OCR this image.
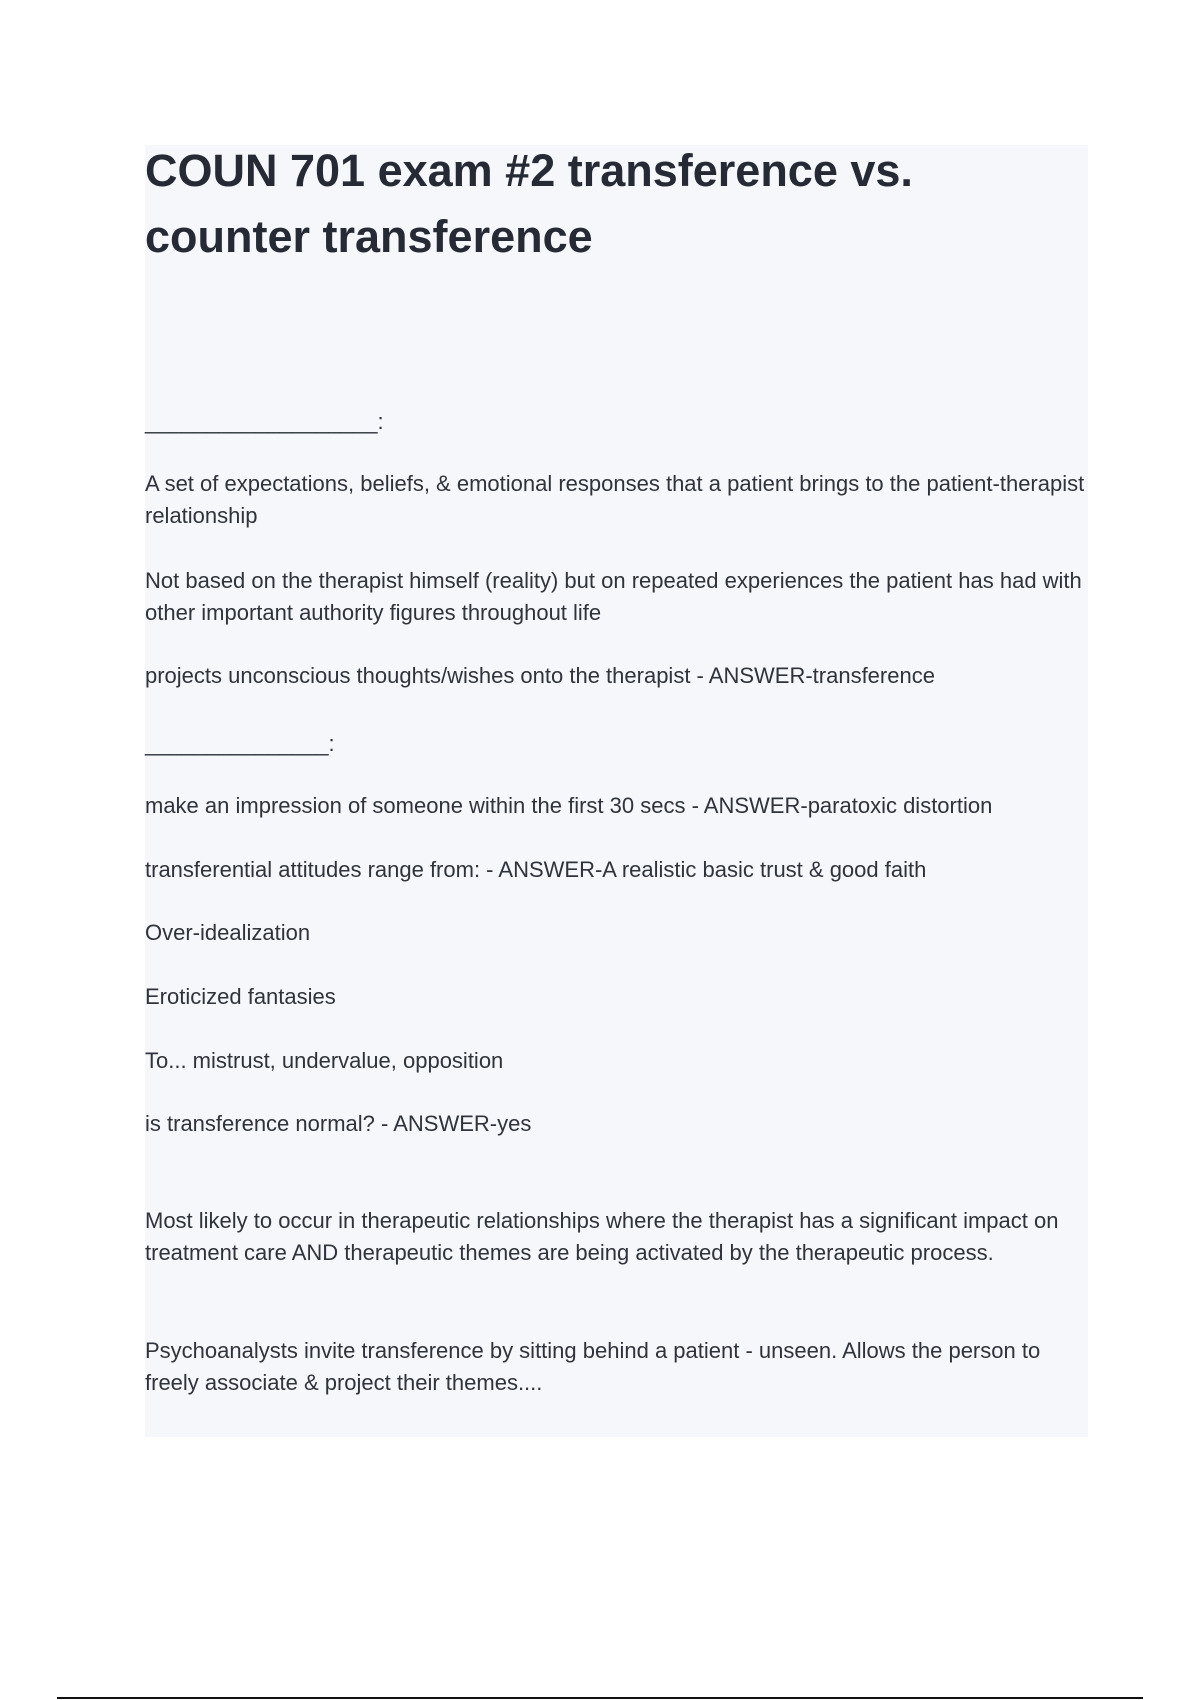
COUN 701 exam #2 transference vs. counter transference

___________________:

A set of expectations, beliefs, & emotional responses that a patient brings to the patient-therapist relationship

Not based on the therapist himself (reality) but on repeated experiences the patient has had with other important authority figures throughout life

projects unconscious thoughts/wishes onto the therapist - ANSWER-transference

_______________:

make an impression of someone within the first 30 secs - ANSWER-paratoxic distortion

transferential attitudes range from: - ANSWER-A realistic basic trust & good faith

Over-idealization

Eroticized fantasies

To... mistrust, undervalue, opposition

is transference normal? - ANSWER-yes

Most likely to occur in therapeutic relationships where the therapist has a significant impact on treatment care AND therapeutic themes are being activated by the therapeutic process.

Psychoanalysts invite transference by sitting behind a patient - unseen. Allows the person to freely associate & project their themes....
